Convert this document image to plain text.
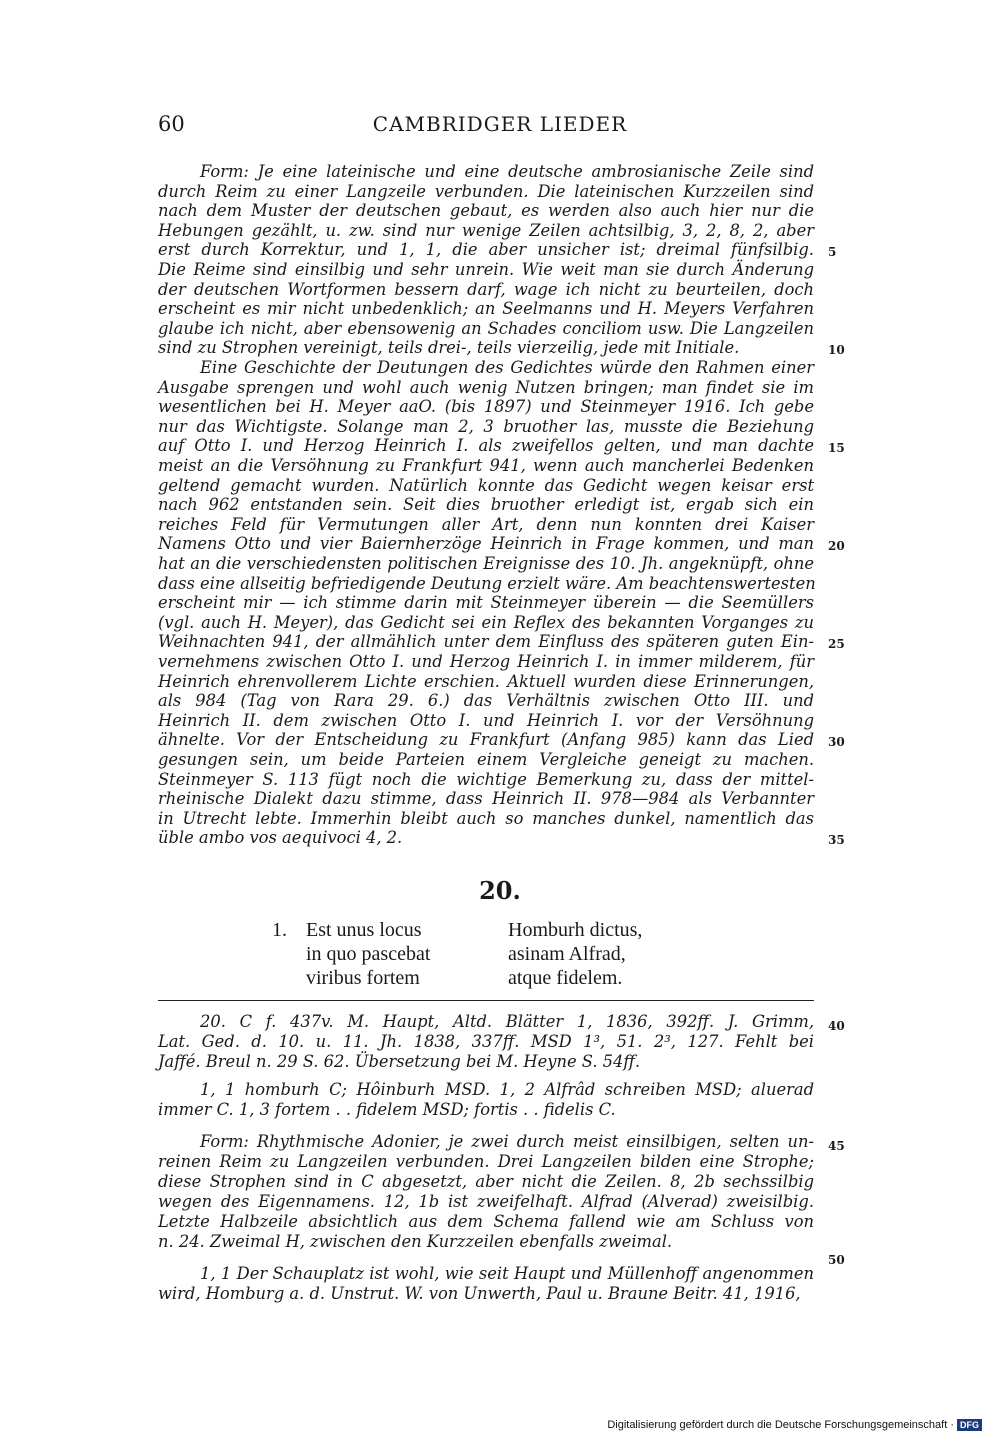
60	CAMBRIDGER LIEDER
Form: Je eine lateinische und eine deutsche ambrosianische Zeile sind
durch Reim zu einer Langzeile verbunden. Die lateinischen Kurzzeilen sind
nach dem Muster der deutschen gebaut, es werden also auch hier nur die
Hebungen gezählt, u. zw. sind nur wenige Zeilen achtsilbig, 3, 2, 8, 2, aber
erst durch Korrektur, und 1, 1, die aber unsicher ist; dreimal fünfsilbig.
Die Reime sind einsilbig und sehr unrein. Wie weit man sie durch Änderung
der deutschen Wortformen bessern darf, wage ich nicht zu beurteilen, doch
erscheint es mir nicht unbedenklich; an Seelmanns und H. Meyers Verfahren
glaube ich nicht, aber ebensowenig an Schades conciliom usw. Die Langzeilen
sind zu Strophen vereinigt, teils drei-, teils vierzeilig, jede mit Initiale.
Eine Geschichte der Deutungen des Gedichtes würde den Rahmen einer
Ausgabe sprengen und wohl auch wenig Nutzen bringen; man findet sie im
wesentlichen bei H. Meyer aaO. (bis 1897) und Steinmeyer 1916. Ich gebe
nur das Wichtigste. Solange man 2, 3 bruother las, musste die Beziehung
auf Otto I. und Herzog Heinrich I. als zweifellos gelten, und man dachte
meist an die Versöhnung zu Frankfurt 941, wenn auch mancherlei Bedenken
geltend gemacht wurden. Natürlich konnte das Gedicht wegen keisar erst
nach 962 entstanden sein. Seit dies bruother erledigt ist, ergab sich ein
reiches Feld für Vermutungen aller Art, denn nun konnten drei Kaiser
Namens Otto und vier Baiernherzöge Heinrich in Frage kommen, und man
hat an die verschiedensten politischen Ereignisse des 10. Jh. angeknüpft, ohne
dass eine allseitig befriedigende Deutung erzielt wäre. Am beachtenswertesten
erscheint mir — ich stimme darin mit Steinmeyer überein — die Seemüllers
(vgl. auch H. Meyer), das Gedicht sei ein Reflex des bekannten Vorganges zu
Weihnachten 941, der allmählich unter dem Einfluss des späteren guten Ein-
vernehmens zwischen Otto I. und Herzog Heinrich I. in immer milderem, für
Heinrich ehrenvollerem Lichte erschien. Aktuell wurden diese Erinnerungen,
als 984 (Tag von Rara 29. 6.) das Verhältnis zwischen Otto III. und
Heinrich II. dem zwischen Otto I. und Heinrich I. vor der Versöhnung
ähnelte. Vor der Entscheidung zu Frankfurt (Anfang 985) kann das Lied
gesungen sein, um beide Parteien einem Vergleiche geneigt zu machen.
Steinmeyer S. 113 fügt noch die wichtige Bemerkung zu, dass der mittel-
rheinische Dialekt dazu stimme, dass Heinrich II. 978—984 als Verbannter
in Utrecht lebte. Immerhin bleibt auch so manches dunkel, namentlich das
üble ambo vos aequivoci 4, 2.
5
10
15
20
25
30
35
20.
1. Est unus locus
in quo pascebat
viribus fortem
Homburh dictus,
asinam Alfrad,
atque fidelem.
20. C f. 437v. M. Haupt, Altd. Blätter 1, 1836, 392ff. J. Grimm,
Lat. Ged. d. 10. u. 11. Jh. 1838, 337ff. MSD 1³, 51. 2³, 127. Fehlt bei
Jaffé. Breul n. 29 S. 62. Übersetzung bei M. Heyne S. 54ff.
1, 1 homburh C; Hôinburh MSD. 1, 2 Alfrâd schreiben MSD; aluerad
immer C. 1, 3 fortem . . fidelem MSD; fortis . . fidelis C.
Form: Rhythmische Adonier, je zwei durch meist einsilbigen, selten un-
reinen Reim zu Langzeilen verbunden. Drei Langzeilen bilden eine Strophe;
diese Strophen sind in C abgesetzt, aber nicht die Zeilen. 8, 2b sechssilbig
wegen des Eigennamens. 12, 1b ist zweifelhaft. Alfrad (Alverad) zweisilbig.
Letzte Halbzeile absichtlich aus dem Schema fallend wie am Schluss von
n. 24. Zweimal H, zwischen den Kurzzeilen ebenfalls zweimal.
1, 1 Der Schauplatz ist wohl, wie seit Haupt und Müllenhoff angenommen
wird, Homburg a. d. Unstrut. W. von Unwerth, Paul u. Braune Beitr. 41, 1916,
40
45
50
Digitalisierung gefördert durch die Deutsche Forschungsgemeinschaft · DFG
